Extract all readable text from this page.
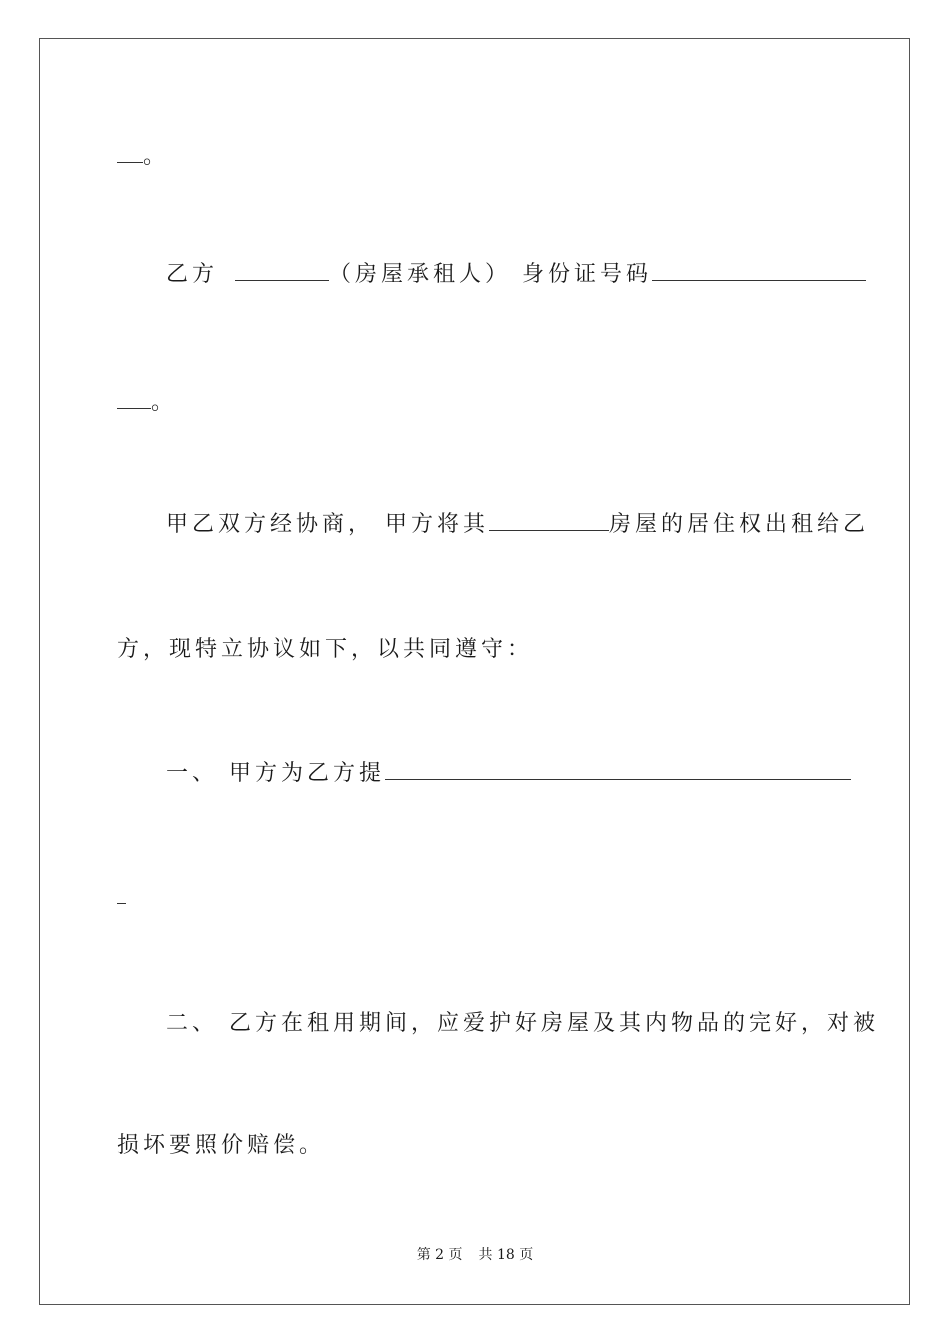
。
乙方	（房屋承租人） 身份证号码
。
甲乙双方经协商， 甲方将其	房屋的居住权出租给乙
方，现特立协议如下，以共同遵守：
一、 甲方为乙方提
二、 乙方在租用期间，应爱护好房屋及其内物品的完好，对被
损坏要照价赔偿。
第 2 页 共 18 页
